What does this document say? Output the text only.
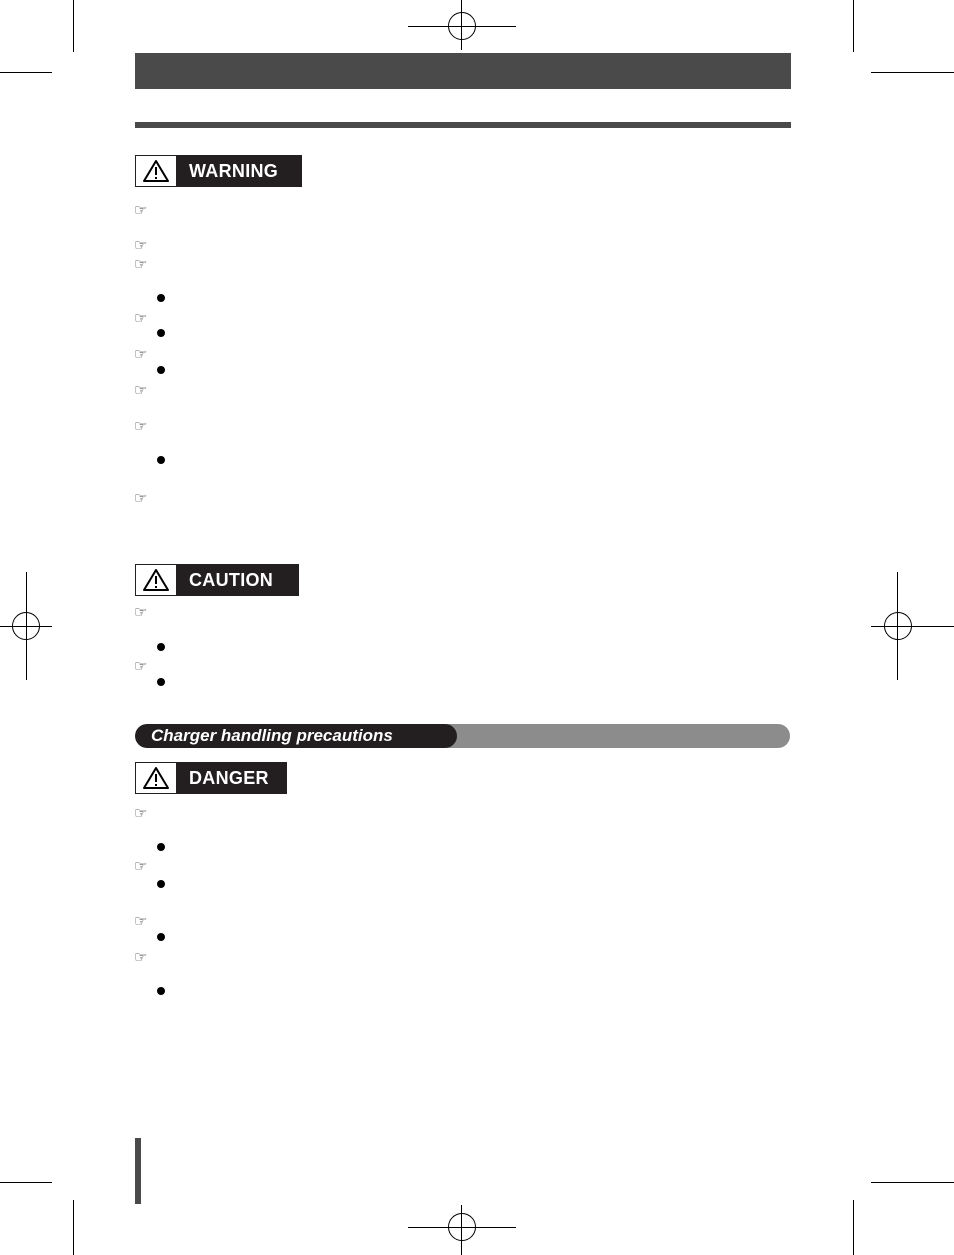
WARNING
☞
☞
☞
☞
☞
☞
☞
☞
CAUTION
☞
☞
Charger handling precautions
DANGER
☞
☞
☞
☞
